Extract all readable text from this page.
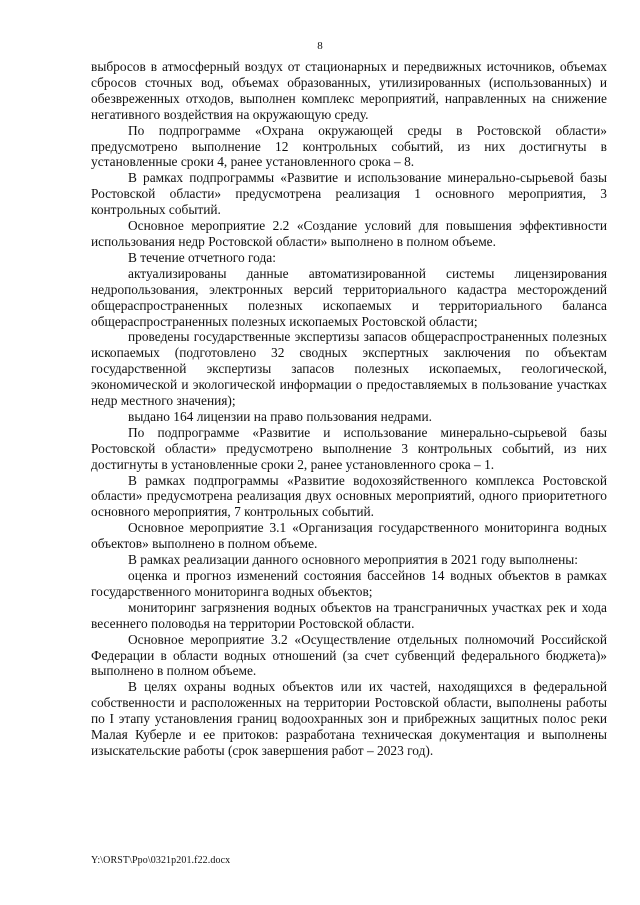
8

выбросов в атмосферный воздух от стационарных и передвижных источников, объемах сбросов сточных вод, объемах образованных, утилизированных (использованных) и обезвреженных отходов, выполнен комплекс мероприятий, направленных на снижение негативного воздействия на окружающую среду.

По подпрограмме «Охрана окружающей среды в Ростовской области» предусмотрено выполнение 12 контрольных событий, из них достигнуты в установленные сроки 4, ранее установленного срока – 8.

В рамках подпрограммы «Развитие и использование минерально-сырьевой базы Ростовской области» предусмотрена реализация 1 основного мероприятия, 3 контрольных событий.

Основное мероприятие 2.2 «Создание условий для повышения эффективности использования недр Ростовской области» выполнено в полном объеме.

В течение отчетного года:

актуализированы данные автоматизированной системы лицензирования недропользования, электронных версий территориального кадастра месторождений общераспространенных полезных ископаемых и территориального баланса общераспространенных полезных ископаемых Ростовской области;

проведены государственные экспертизы запасов общераспространенных полезных ископаемых (подготовлено 32 сводных экспертных заключения по объектам государственной экспертизы запасов полезных ископаемых, геологической, экономической и экологической информации о предоставляемых в пользование участках недр местного значения);

выдано 164 лицензии на право пользования недрами.

По подпрограмме «Развитие и использование минерально-сырьевой базы Ростовской области» предусмотрено выполнение 3 контрольных событий, из них достигнуты в установленные сроки 2, ранее установленного срока – 1.

В рамках подпрограммы «Развитие водохозяйственного комплекса Ростовской области» предусмотрена реализация двух основных мероприятий, одного приоритетного основного мероприятия, 7 контрольных событий.

Основное мероприятие 3.1 «Организация государственного мониторинга водных объектов» выполнено в полном объеме.

В рамках реализации данного основного мероприятия в 2021 году выполнены:

оценка и прогноз изменений состояния бассейнов 14 водных объектов в рамках государственного мониторинга водных объектов;

мониторинг загрязнения водных объектов на трансграничных участках рек и хода весеннего половодья на территории Ростовской области.

Основное мероприятие 3.2 «Осуществление отдельных полномочий Российской Федерации в области водных отношений (за счет субвенций федерального бюджета)» выполнено в полном объеме.

В целях охраны водных объектов или их частей, находящихся в федеральной собственности и расположенных на территории Ростовской области, выполнены работы по I этапу установления границ водоохранных зон и прибрежных защитных полос реки Малая Куберле и ее притоков: разработана техническая документация и выполнены изыскательские работы (срок завершения работ – 2023 год).

Y:\ORST\Ppo\0321p201.f22.docx
